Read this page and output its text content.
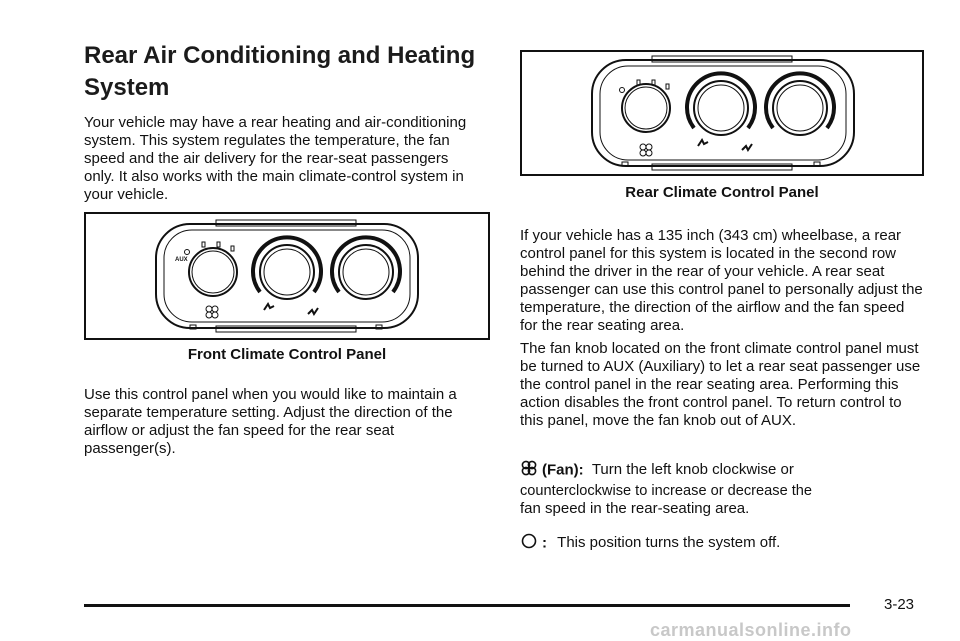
Rear Air Conditioning and Heating System

Your vehicle may have a rear heating and air-conditioning system. This system regulates the temperature, the fan speed and the air delivery for the rear-seat passengers only. It also works with the main climate-control system in your vehicle.

AUX
Front Climate Control Panel

Use this control panel when you would like to maintain a separate temperature setting. Adjust the direction of the airflow or adjust the fan speed for the rear seat passenger(s).

Rear Climate Control Panel

If your vehicle has a 135 inch (343 cm) wheelbase, a rear control panel for this system is located in the second row behind the driver in the rear of your vehicle. A rear seat passenger can use this control panel to personally adjust the temperature, the direction of the airflow and the fan speed for the rear seating area.

The fan knob located on the front climate control panel must be turned to AUX (Auxiliary) to let a rear seat passenger use the control panel in the rear seating area. Performing this action disables the front control panel. To return control to this panel, move the fan knob out of AUX.

(Fan): Turn the left knob clockwise or
counterclockwise to increase or decrease the
fan speed in the rear-seating area.
: This position turns the system off.
3-23
carmanualsonline.info
